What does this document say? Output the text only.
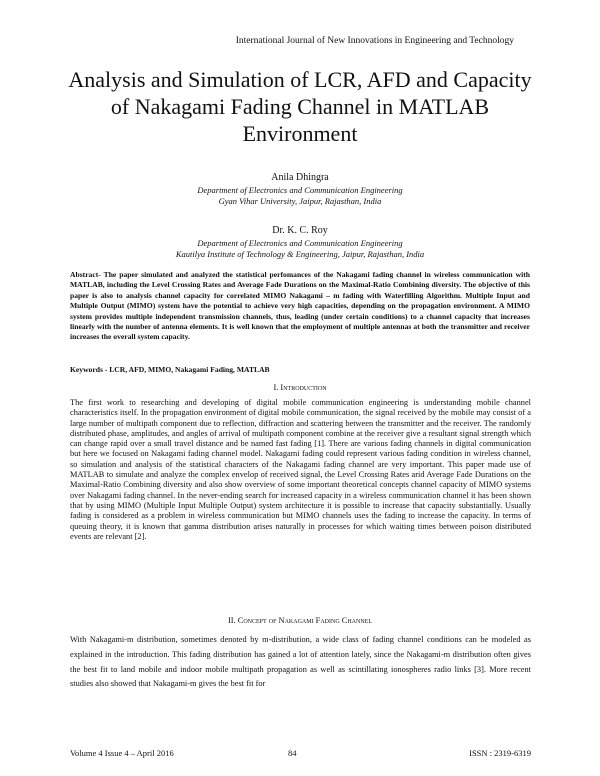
International Journal of New Innovations in Engineering and Technology
Analysis and Simulation of LCR, AFD and Capacity of Nakagami Fading Channel in MATLAB Environment
Anila Dhingra
Department of Electronics and Communication Engineering
Gyan Vihar University, Jaipur, Rajasthan, India
Dr. K. C. Roy
Department of Electronics and Communication Engineering
Kautilya Institute of Technology & Engineering, Jaipur, Rajasthan, India
Abstract- The paper simulated and analyzed the statistical perfomances of the Nakagami fading channel in wireless communication with MATLAB, including the Level Crossing Rates and Average Fade Durations on the Maximal-Ratio Combining diversity. The objective of this paper is also to analysis channel capacity for correlated MIMO Nakagami – m fading with Waterfilling Algorithm. Multiple Input and Multiple Output (MIMO) system have the potential to achieve very high capacities, depending on the propagation environment. A MIMO system provides multiple independent transmission channels, thus, leading (under certain conditions) to a channel capacity that increases linearly with the number of antenna elements. It is well known that the employment of multiple antennas at both the transmitter and receiver increases the overall system capacity.
Keywords - LCR, AFD, MIMO, Nakagami Fading, MATLAB
I. Introduction
The first work to researching and developing of digital mobile communication engineering is understanding mobile channel characteristics itself. In the propagation environment of digital mobile communication, the signal received by the mobile may consist of a large number of multipath component due to reflection, diffraction and scattering between the transmitter and the receiver. The randomly distributed phase, amplitudes, and angles of arrival of multipath component combine at the receiver give a resultant signal strength which can change rapid over a small travel distance and be named fast fading [1]. There are various fading channels in digital communication but here we focused on Nakagami fading channel model. Nakagami fading could represent various fading condition in wireless channel, so simulation and analysis of the statistical characters of the Nakagami fading channel are very important. This paper made use of MATLAB to simulate and analyze the complex envelop of received signal, the Level Crossing Rates arid Average Fade Durations on the Maximal-Ratio Combining diversity and also show overview of some important theoretical concepts channel capacity of MIMO systems over Nakagami fading channel. In the never-ending search for increased capacity in a wireless communication channel it has been shown that by using MIMO (Multiple Input Multiple Output) system architecture it is possible to increase that capacity substantially. Usually fading is considered as a problem in wireless communication but MIMO channels uses the fading to increase the capacity. In terms of queuing theory, it is known that gamma distribution arises naturally in processes for which waiting times between poison distributed events are relevant [2].
II. Concept of Nakagami Fading Channel
With Nakagami-m distribution, sometimes denoted by m-distribution, a wide class of fading channel conditions can be modeled as explained in the introduction. This fading distribution has gained a lot of attention lately, since the Nakagami-m distribution often gives the best fit to land mobile and indoor mobile multipath propagation as well as scintillating ionospheres radio links [3]. More recent studies also showed that Nakagami-m gives the best fit for
Volume 4 Issue 4 – April 2016	84	ISSN : 2319-6319
